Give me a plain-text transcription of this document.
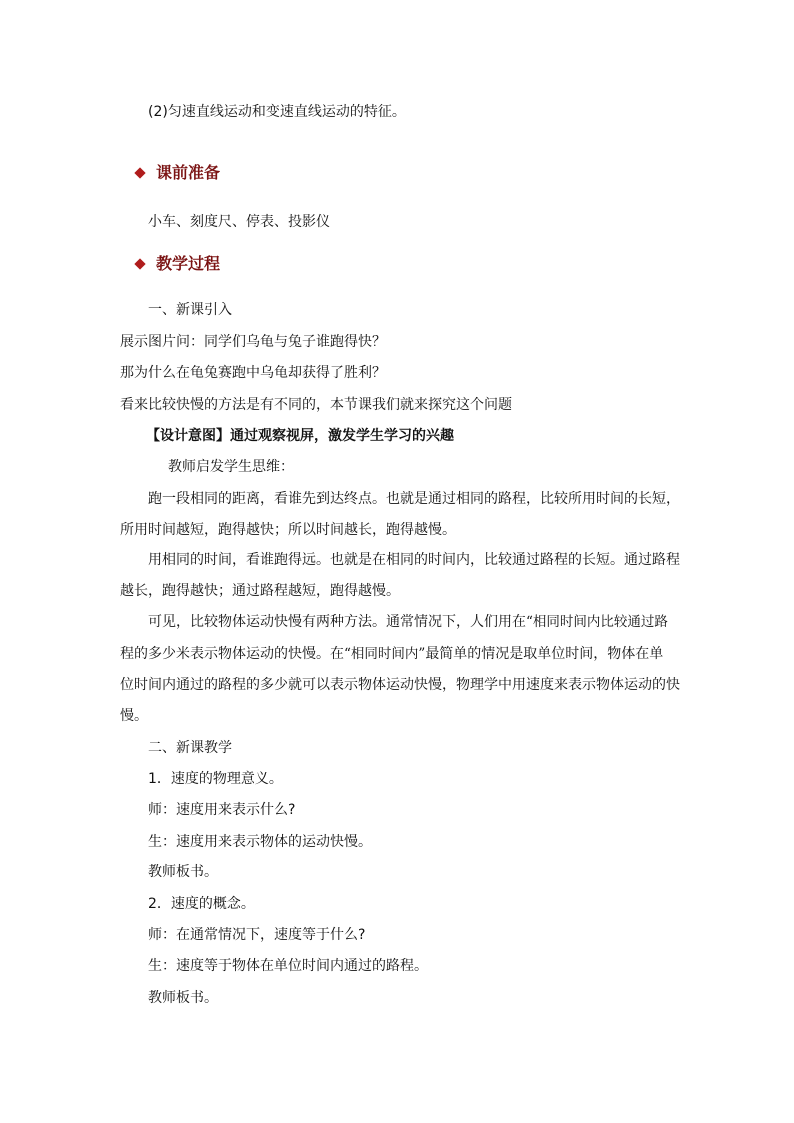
(2)匀速直线运动和变速直线运动的特征。
课前准备
小车、刻度尺、停表、投影仪
教学过程
一、新课引入
展示图片问：同学们乌龟与兔子谁跑得快？
那为什么在龟兔赛跑中乌龟却获得了胜利？
看来比较快慢的方法是有不同的，本节课我们就来探究这个问题
【设计意图】通过观察视屏，激发学生学习的兴趣
教师启发学生思维：
跑一段相同的距离，看谁先到达终点。也就是通过相同的路程，比较所用时间的长短，
所用时间越短，跑得越快；所以时间越长，跑得越慢。
用相同的时间，看谁跑得远。也就是在相同的时间内，比较通过路程的长短。通过路程
越长，跑得越快；通过路程越短，跑得越慢。
可见，比较物体运动快慢有两种方法。通常情况下，人们用在“相同时间内比较通过路
程的多少米表示物体运动的快慢。在“相同时间内”最简单的情况是取单位时间，物体在单
位时间内通过的路程的多少就可以表示物体运动快慢，物理学中用速度来表示物体运动的快
慢。
二、新课教学
1．速度的物理意义。
师：速度用来表示什么?
生：速度用来表示物体的运动快慢。
教师板书。
2．速度的概念。
师：在通常情况下，速度等于什么?
生：速度等于物体在单位时间内通过的路程。
教师板书。
